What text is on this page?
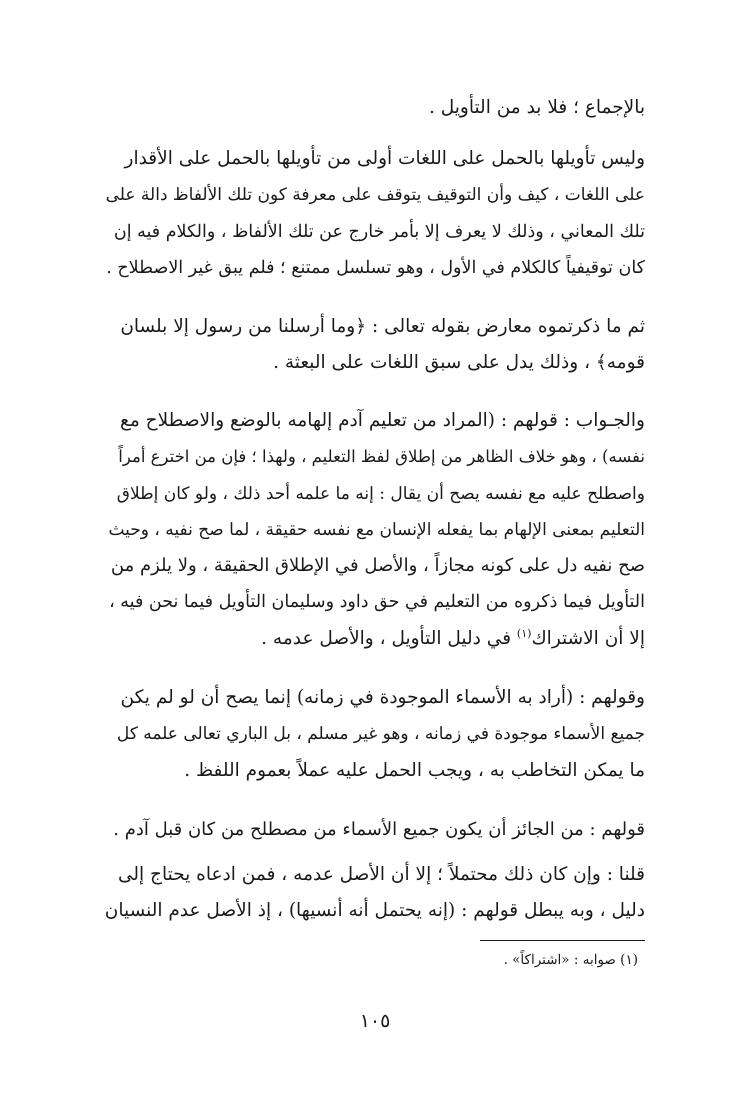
بالإجماع ؛ فلا بد من التأويل .
وليس تأويلها بالحمل على اللغات أولى من تأويلها بالحمل على الأقدار
على اللغات ، كيف وأن التوقيف يتوقف على معرفة كون تلك الألفاظ دالة على
تلك المعاني ، وذلك لا يعرف إلا بأمر خارج عن تلك الألفاظ ، والكلام فيه إن
كان توقيفياً كالكلام في الأول ، وهو تسلسل ممتنع ؛ فلم يبق غير الاصطلاح .
ثم ما ذكرتموه معارض بقوله تعالى : ﴿وما أرسلنا من رسول إلا بلسان
قومه﴾ ، وذلك يدل على سبق اللغات على البعثة .
والجـواب : قولهم : (المراد من تعليم آدم إلهامه بالوضع والاصطلاح مع
نفسه) ، وهو خلاف الظاهر من إطلاق لفظ التعليم ، ولهذا ؛ فإن من اخترع أمراً
واصطلح عليه مع نفسه يصح أن يقال : إنه ما علمه أحد ذلك ، ولو كان إطلاق
التعليم بمعنى الإلهام بما يفعله الإنسان مع نفسه حقيقة ، لما صح نفيه ، وحيث
صح نفيه دل على كونه مجازاً ، والأصل في الإطلاق الحقيقة ، ولا يلزم من
التأويل فيما ذكروه من التعليم في حق داود وسليمان التأويل فيما نحن فيه ،
إلا أن الاشتراك$^{(١)}$ في دليل التأويل ، والأصل عدمه .
وقولهم : (أراد به الأسماء الموجودة في زمانه) إنما يصح أن لو لم يكن
جميع الأسماء موجودة في زمانه ، وهو غير مسلم ، بل الباري تعالى علمه كل
ما يمكن التخاطب به ، ويجب الحمل عليه عملاً بعموم اللفظ .
قولهم : من الجائز أن يكون جميع الأسماء من مصطلح من كان قبل آدم .
قلنا : وإن كان ذلك محتملاً ؛ إلا أن الأصل عدمه ، فمن ادعاه يحتاج إلى
دليل ، وبه يبطل قولهم : (إنه يحتمل أنه أنسيها) ، إذ الأصل عدم النسيان
(١) صوابه : «اشتراكاً» .
١٠٥
